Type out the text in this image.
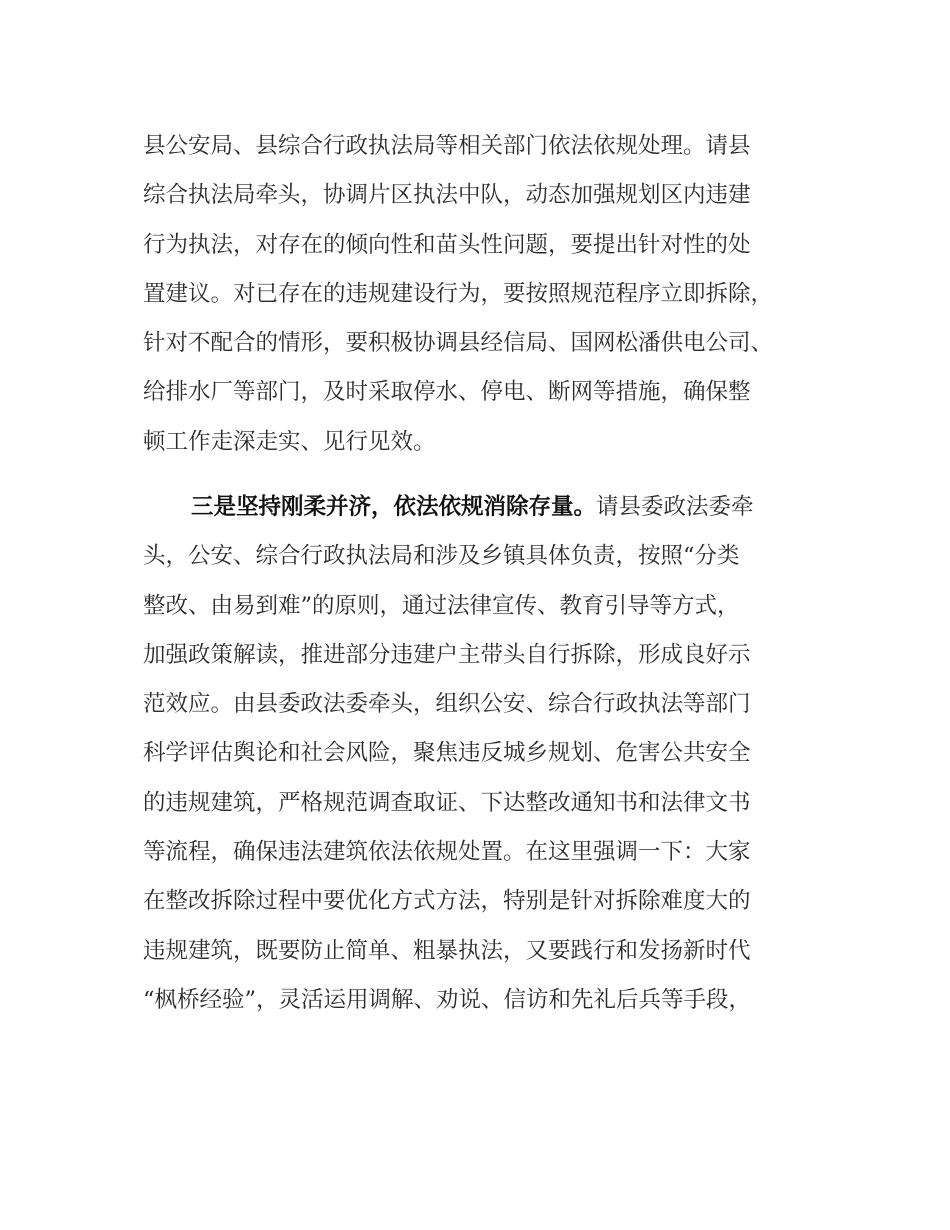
县公安局、县综合行政执法局等相关部门依法依规处理。请县
综合执法局牵头，协调片区执法中队，动态加强规划区内违建
行为执法，对存在的倾向性和苗头性问题，要提出针对性的处
置建议。对已存在的违规建设行为，要按照规范程序立即拆除，
针对不配合的情形，要积极协调县经信局、国网松潘供电公司、
给排水厂等部门，及时采取停水、停电、断网等措施，确保整
顿工作走深走实、见行见效。
三是坚持刚柔并济，依法依规消除存量。请县委政法委牵
头，公安、综合行政执法局和涉及乡镇具体负责，按照“分类
整改、由易到难”的原则，通过法律宣传、教育引导等方式，
加强政策解读，推进部分违建户主带头自行拆除，形成良好示
范效应。由县委政法委牵头，组织公安、综合行政执法等部门
科学评估舆论和社会风险，聚焦违反城乡规划、危害公共安全
的违规建筑，严格规范调查取证、下达整改通知书和法律文书
等流程，确保违法建筑依法依规处置。在这里强调一下：大家
在整改拆除过程中要优化方式方法，特别是针对拆除难度大的
违规建筑，既要防止简单、粗暴执法，又要践行和发扬新时代
“枫桥经验”，灵活运用调解、劝说、信访和先礼后兵等手段，
